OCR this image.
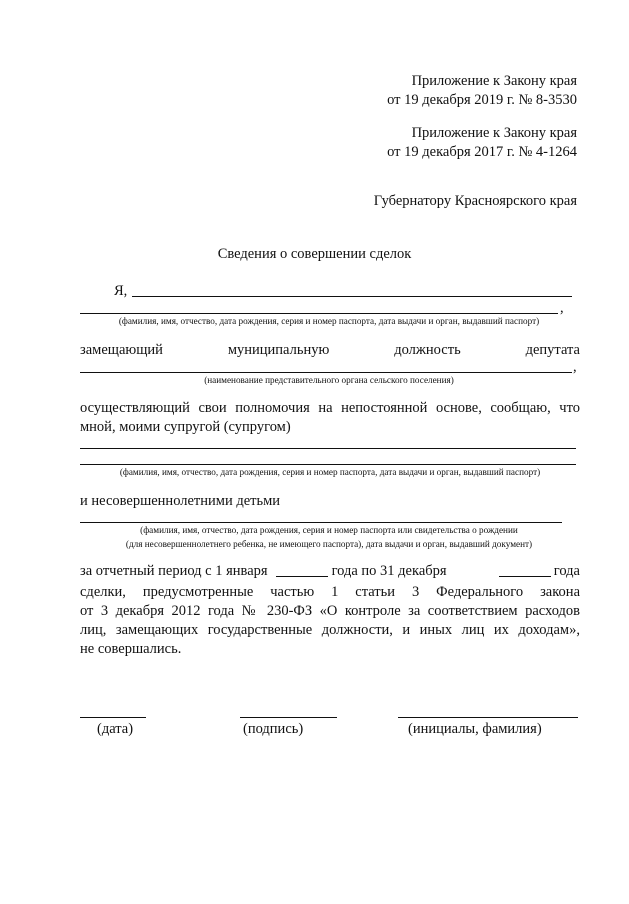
Приложение к Закону края
от 19 декабря 2019 г. № 8-3530
Приложение к Закону края
от 19 декабря 2017 г. № 4-1264
Губернатору Красноярского края
Сведения о совершении сделок
Я,
,
(фамилия, имя, отчество, дата рождения, серия и номер паспорта, дата выдачи и орган, выдавший паспорт)
замещающий	муниципальную	должность	депутата
,
(наименование представительного органа сельского поселения)
осуществляющий свои полномочия на непостоянной основе, сообщаю, что
мной, моими супругой (супругом)
(фамилия, имя, отчество, дата рождения, серия и номер паспорта, дата выдачи и орган, выдавший паспорт)
и несовершеннолетними детьми
(фамилия, имя, отчество, дата рождения, серия и номер паспорта или свидетельства о рождении
(для несовершеннолетнего ребенка, не имеющего паспорта), дата выдачи и орган, выдавший документ)
за отчетный период с 1 января	года по 31 декабря	года
сделки, предусмотренные частью 1 статьи 3 Федерального закона
от 3 декабря 2012 года № 230-ФЗ «О контроле за соответствием расходов
лиц, замещающих государственные должности, и иных лиц их доходам»,
не совершались.
(дата)	(подпись)	(инициалы, фамилия)
